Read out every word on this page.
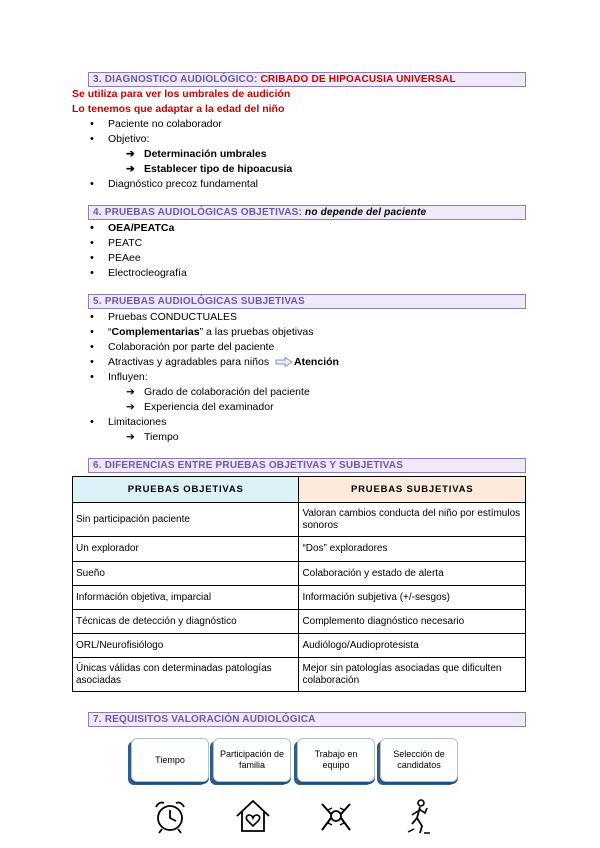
3. DIAGNOSTICO AUDIOLÓGICO: CRIBADO DE HIPOACUSIA UNIVERSAL
Se utiliza para ver los umbrales de audición
Lo tenemos que adaptar a la edad del niño
• Paciente no colaborador
• Objetivo:
➔ Determinación umbrales
➔ Establecer tipo de hipoacusia
• Diagnóstico precoz fundamental
4. PRUEBAS AUDIOLÓGICAS OBJETIVAS: no depende del paciente
• OEA/PEATCa
• PEATC
• PEAee
• Electrocleografía
5. PRUEBAS AUDIOLÓGICAS SUBJETIVAS
• Pruebas CONDUCTUALES
• “Complementarias” a las pruebas objetivas
• Colaboración por parte del paciente
• Atractivas y agradables para niños Atención
• Influyen:
➔ Grado de colaboración del paciente
➔ Experiencia del examinador
• Limitaciones
➔ Tiempo
6. DIFERENCIAS ENTRE PRUEBAS OBJETIVAS Y SUBJETIVAS
PRUEBAS OBJETIVAS	PRUEBAS SUBJETIVAS
Sin participación paciente	Valoran cambios conducta del niño por estímulos sonoros
Un explorador	“Dos” exploradores
Sueño	Colaboración y estado de alerta
Información objetiva, imparcial	Información subjetiva (+/-sesgos)
Técnicas de detección y diagnóstico	Complemento diagnóstico necesario
ORL/Neurofisiólogo	Audiólogo/Audioprotesista
Únicas válidas con determinadas patologías asociadas	Mejor sin patologías asociadas que dificulten colaboración
7. REQUISITOS VALORACIÓN AUDIOLÓGICA
Tiempo
Participación de familia
Trabajo en equipo
Selección de candidatos
